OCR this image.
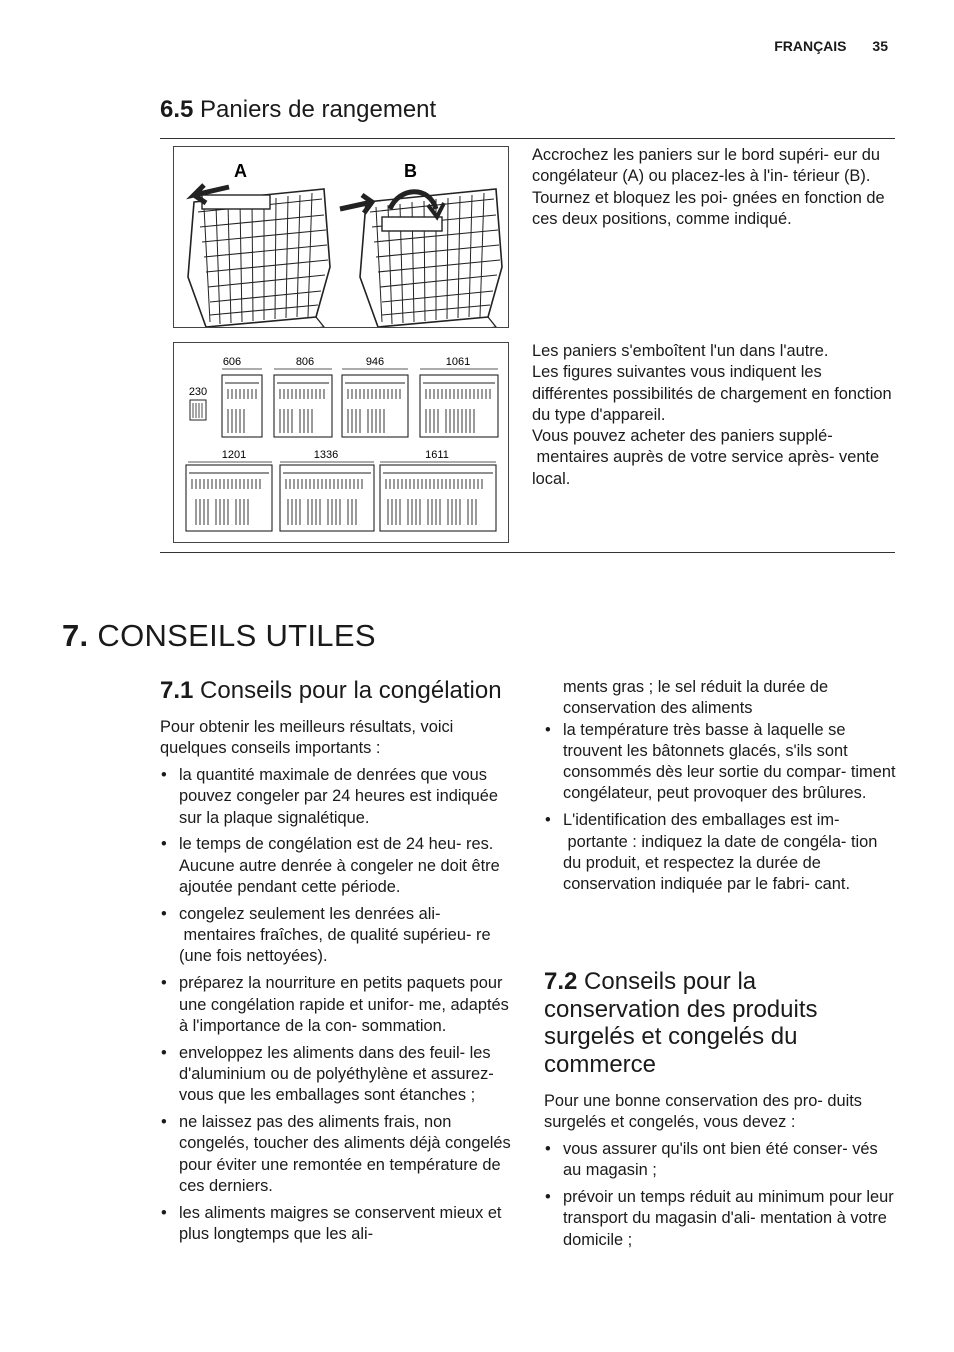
FRANÇAIS 35
6.5 Paniers de rangement
A	B

Accrochez les paniers sur le bord supéri- eur du congélateur (A) ou placez-les à l'in- térieur (B). Tournez et bloquez les poi- gnées en fonction de ces deux positions, comme indiqué.

606	806	946	1061
230
1201	1336	1611

Les paniers s'emboîtent l'un dans l'autre.

Les figures suivantes vous indiquent les différentes possibilités de chargement en fonction du type d'appareil.

Vous pouvez acheter des paniers supplé- mentaires auprès de votre service après- vente local.

7. CONSEILS UTILES
7.1 Conseils pour la congélation

Pour obtenir les meilleurs résultats, voici quelques conseils importants :

• la quantité maximale de denrées que vous pouvez congeler par 24 heures est indiquée sur la plaque signalétique.
• le temps de congélation est de 24 heu- res. Aucune autre denrée à congeler ne doit être ajoutée pendant cette période.
• congelez seulement les denrées ali- mentaires fraîches, de qualité supérieu- re (une fois nettoyées).
• préparez la nourriture en petits paquets pour une congélation rapide et unifor- me, adaptés à l'importance de la con- sommation.
• enveloppez les aliments dans des feuil- les d'aluminium ou de polyéthylène et assurez-vous que les emballages sont étanches ;
• ne laissez pas des aliments frais, non congelés, toucher des aliments déjà congelés pour éviter une remontée en température de ces derniers.
• les aliments maigres se conservent mieux et plus longtemps que les ali-

ments gras ; le sel réduit la durée de conservation des aliments

• la température très basse à laquelle se trouvent les bâtonnets glacés, s'ils sont consommés dès leur sortie du compar- timent congélateur, peut provoquer des brûlures.
• L'identification des emballages est im- portante : indiquez la date de congéla- tion du produit, et respectez la durée de conservation indiquée par le fabri- cant.
7.2 Conseils pour la conservation des produits surgelés et congelés du commerce

Pour une bonne conservation des pro- duits surgelés et congelés, vous devez :

• vous assurer qu'ils ont bien été conser- vés au magasin ;
• prévoir un temps réduit au minimum pour leur transport du magasin d'ali- mentation à votre domicile ;
